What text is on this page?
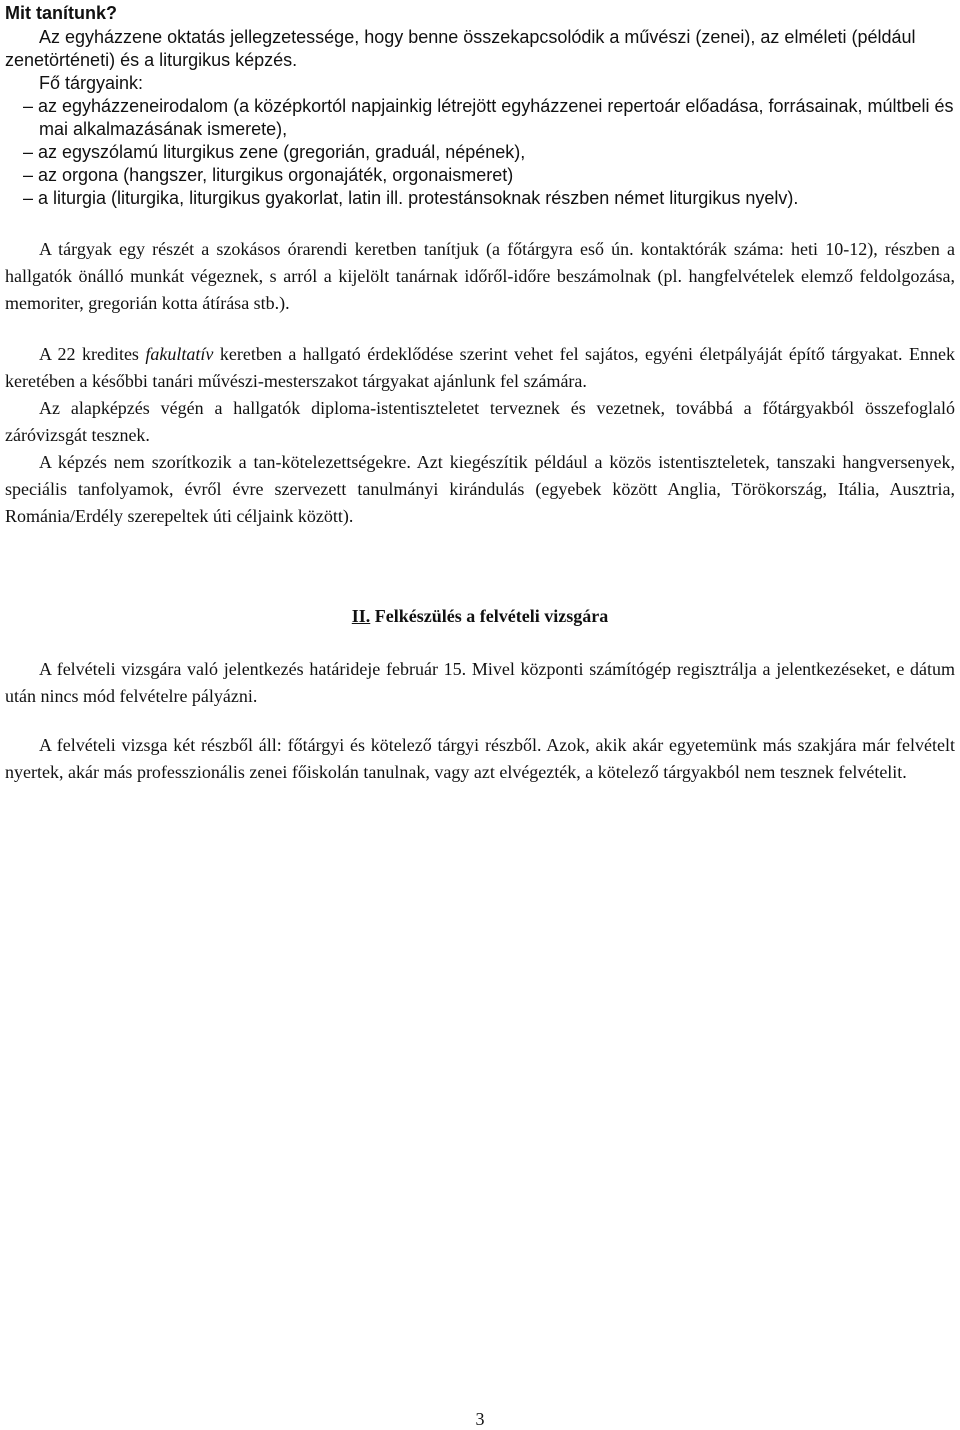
Mit tanítunk?

Az egyházzene oktatás jellegzetessége, hogy benne összekapcsolódik a művészi (zenei), az elméleti (például zenetörténeti) és a liturgikus képzés.

Fő tárgyaink:

– az egyházzeneirodalom (a középkortól napjainkig létrejött egyházzenei repertoár előadása, forrásainak, múltbeli és mai alkalmazásának ismerete),

– az egyszólamú liturgikus zene (gregorián, graduál, népének),

– az orgona (hangszer, liturgikus orgonajáték, orgonaismeret)

– a liturgia (liturgika, liturgikus gyakorlat, latin ill. protestánsoknak részben német liturgikus nyelv).

A tárgyak egy részét a szokásos órarendi keretben tanítjuk (a főtárgyra eső ún. kontaktórák száma: heti 10-12), részben a hallgatók önálló munkát végeznek, s arról a kijelölt tanárnak időről-időre beszámolnak (pl. hangfelvételek elemző feldolgozása, memoriter, gregorián kotta átírása stb.).

A 22 kredites fakultatív keretben a hallgató érdeklődése szerint vehet fel sajátos, egyéni életpályáját építő tárgyakat. Ennek keretében a későbbi tanári művészi-mesterszakot tárgyakat ajánlunk fel számára.

Az alapképzés végén a hallgatók diploma-istentiszteletet terveznek és vezetnek, továbbá a főtárgyakból összefoglaló záróvizsgát tesznek.

A képzés nem szorítkozik a tan-kötelezettségekre. Azt kiegészítik például a közös istentiszteletek, tanszaki hangversenyek, speciális tanfolyamok, évről évre szervezett tanulmányi kirándulás (egyebek között Anglia, Törökország, Itália, Ausztria, Románia/Erdély szerepeltek úti céljaink között).

II. Felkészülés a felvételi vizsgára

A felvételi vizsgára való jelentkezés határideje február 15. Mivel központi számítógép regisztrálja a jelentkezéseket, e dátum után nincs mód felvételre pályázni.

A felvételi vizsga két részből áll: főtárgyi és kötelező tárgyi részből. Azok, akik akár egyetemünk más szakjára már felvételt nyertek, akár más professzionális zenei főiskolán tanulnak, vagy azt elvégezték, a kötelező tárgyakból nem tesznek felvételit.

3
